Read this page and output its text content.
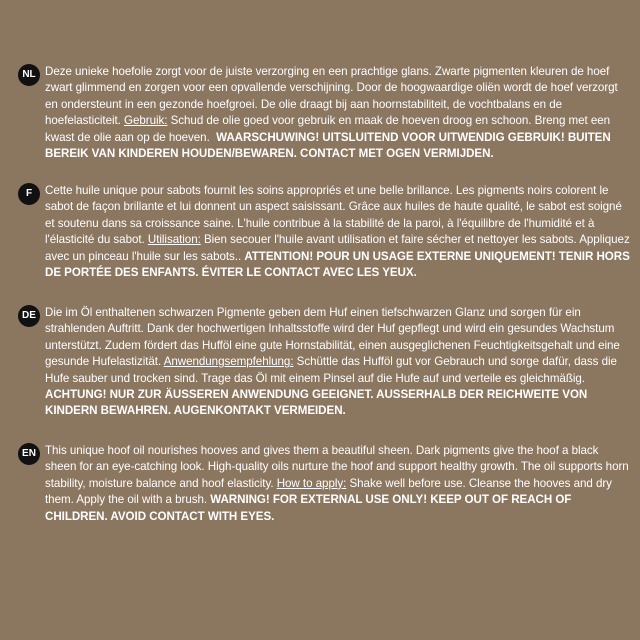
NL Deze unieke hoefolie zorgt voor de juiste verzorging en een prachtige glans. Zwarte pigmenten kleuren de hoef zwart glimmend en zorgen voor een opvallende verschijning. Door de hoogwaardige oliën wordt de hoef verzorgt en ondersteunt in een gezonde hoefgroei. De olie draagt bij aan hoornstabiliteit, de vochtbalans en de hoefelasticiteit. Gebruik: Schud de olie goed voor gebruik en maak de hoeven droog en schoon. Breng met een kwast de olie aan op de hoeven. WAARSCHUWING! UITSLUITEND VOOR UITWENDIG GEBRUIK! BUITEN BEREIK VAN KINDEREN HOUDEN/BEWAREN. CONTACT MET OGEN VERMIJDEN.
F	Cette huile unique pour sabots fournit les soins appropriés et une belle brillance. Les pigments noirs colorent le sabot de façon brillante et lui donnent un aspect saisissant. Grâce aux huiles de haute qualité, le sabot est soigné et soutenu dans sa croissance saine. L'huile contribue à la stabilité de la paroi, à l'équilibre de l'humidité et à l'élasticité du sabot. Utilisation: Bien secouer l'huile avant utilisation et faire sécher et nettoyer les sabots. Appliquez avec un pinceau l'huile sur les sabots.. ATTENTION! POUR UN USAGE EXTERNE UNIQUEMENT! TENIR HORS DE PORTÉE DES ENFANTS. ÉVITER LE CONTACT AVEC LES YEUX.
DE Die im Öl enthaltenen schwarzen Pigmente geben dem Huf einen tiefschwarzen Glanz und sorgen für ein strahlenden Auftritt. Dank der hochwertigen Inhaltsstoffe wird der Huf gepflegt und wird ein gesundes Wachstum unterstützt. Zudem fördert das Hufföl eine gute Hornstabilität, einen ausgeglichenen Feuchtigkeitsgehalt und eine gesunde Hufelastizität. Anwendungsempfehlung: Schüttle das Hufföl gut vor Gebrauch und sorge dafür, dass die Hufe sauber und trocken sind. Trage das Öl mit einem Pinsel auf die Hufe auf und verteile es gleichmäßig. ACHTUNG! NUR ZUR ÄUSSEREN ANWENDUNG GEEIGNET. AUSSERHALB DER REICHWEITE VON KINDERN BEWAHREN. AUGENKONTAKT VERMEIDEN.
EN This unique hoof oil nourishes hooves and gives them a beautiful sheen. Dark pigments give the hoof a black sheen for an eye-catching look. High-quality oils nurture the hoof and support healthy growth. The oil supports horn stability, moisture balance and hoof elasticity. How to apply: Shake well before use. Cleanse the hooves and dry them. Apply the oil with a brush. WARNING! FOR EXTERNAL USE ONLY! KEEP OUT OF REACH OF CHILDREN. AVOID CONTACT WITH EYES.
